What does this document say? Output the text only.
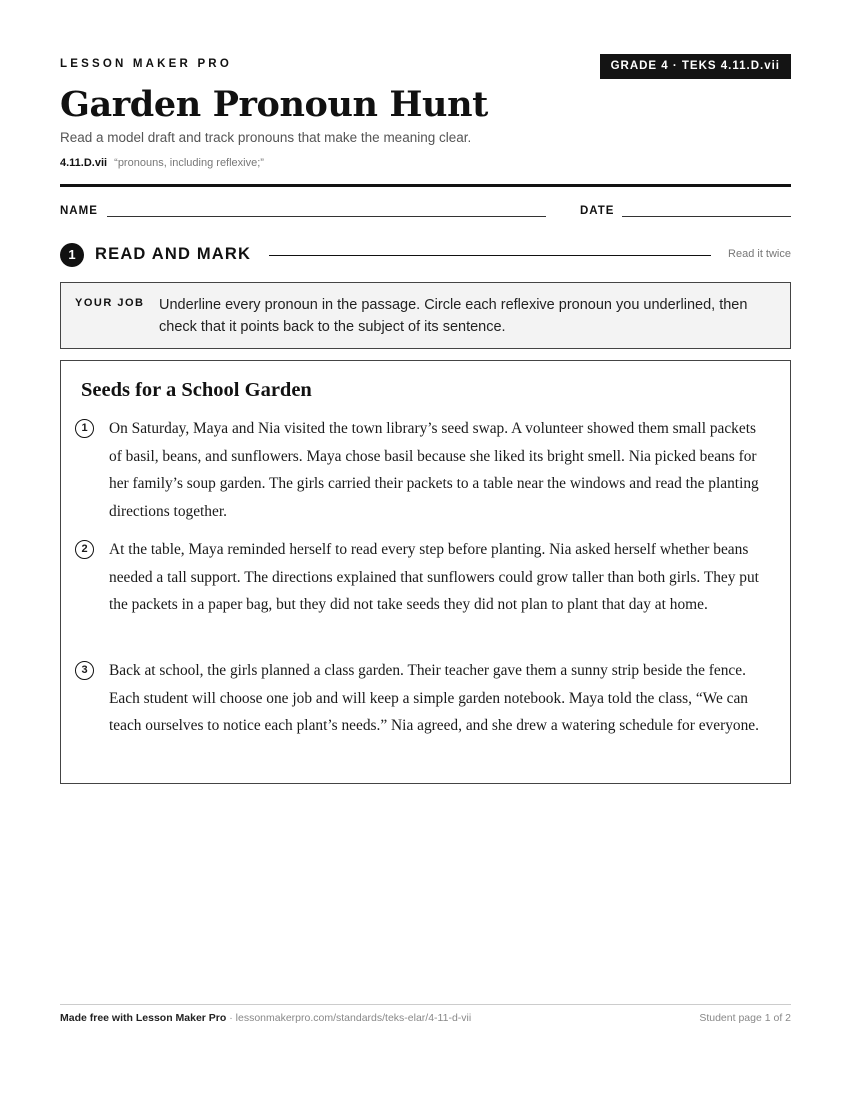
LESSON MAKER PRO	GRADE 4 · TEKS 4.11.D.vii
Garden Pronoun Hunt
Read a model draft and track pronouns that make the meaning clear.
4.11.D.vii “pronouns, including reflexive;”
NAME	DATE
1	READ AND MARK	Read it twice
YOUR JOB Underline every pronoun in the passage. Circle each reflexive pronoun you underlined, then check that it points back to the subject of its sentence.
Seeds for a School Garden
1	On Saturday, Maya and Nia visited the town library’s seed swap. A volunteer showed them small packets of basil, beans, and sunflowers. Maya chose basil because she liked its bright smell. Nia picked beans for her family’s soup garden. The girls carried their packets to a table near the windows and read the planting directions together.
2	At the table, Maya reminded herself to read every step before planting. Nia asked herself whether beans needed a tall support. The directions explained that sunflowers could grow taller than both girls. They put the packets in a paper bag, but they did not take seeds they did not plan to plant that day at home.
3	Back at school, the girls planned a class garden. Their teacher gave them a sunny strip beside the fence. Each student will choose one job and will keep a simple garden notebook. Maya told the class, “We can teach ourselves to notice each plant’s needs.” Nia agreed, and she drew a watering schedule for everyone.
Made free with Lesson Maker Pro · lessonmakerpro.com/standards/teks-elar/4-11-d-vii	Student page 1 of 2
